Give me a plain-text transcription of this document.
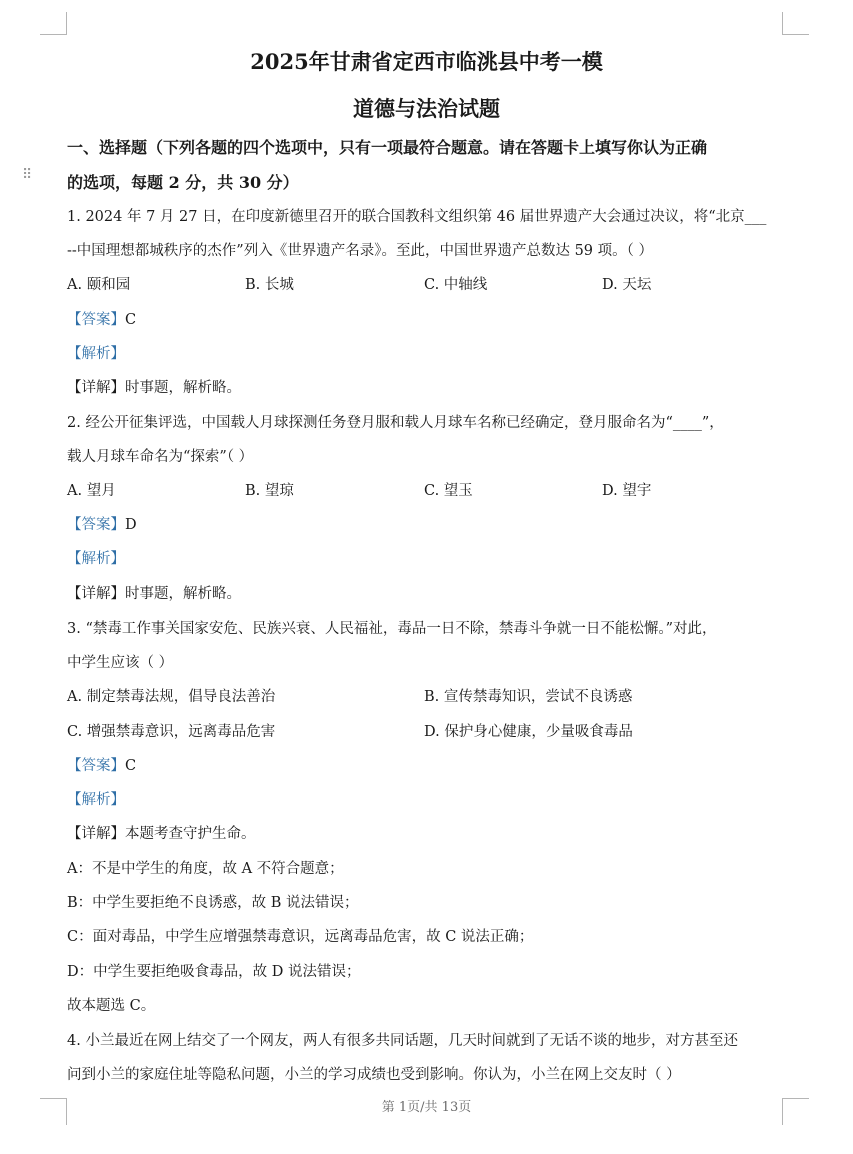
⠿
2025年甘肃省定西市临洮县中考一模
道德与法治试题
一、选择题（下列各题的四个选项中，只有一项最符合题意。请在答题卡上填写你认为正确
的选项，每题 2 分，共 30 分）
1. 2024 年 7 月 27 日，在印度新德里召开的联合国教科文组织第 46 届世界遗产大会通过决议，将“北京___
--中国理想都城秩序的杰作”列入《世界遗产名录》。至此，中国世界遗产总数达 59 项。（ ）
A. 颐和园	B. 长城	C. 中轴线	D. 天坛
【答案】C
【解析】
【详解】时事题，解析略。
2. 经公开征集评选，中国载人月球探测任务登月服和载人月球车名称已经确定，登月服命名为“____”，
载人月球车命名为“探索”（ ）
A. 望月	B. 望琼	C. 望玉	D. 望宇
【答案】D
【解析】
【详解】时事题，解析略。
3. “禁毒工作事关国家安危、民族兴衰、人民福祉，毒品一日不除，禁毒斗争就一日不能松懈。”对此，
中学生应该（ ）
A. 制定禁毒法规，倡导良法善治	B. 宣传禁毒知识，尝试不良诱惑
C. 增强禁毒意识，远离毒品危害	D. 保护身心健康，少量吸食毒品
【答案】C
【解析】
【详解】本题考查守护生命。
A：不是中学生的角度，故 A 不符合题意；
B：中学生要拒绝不良诱惑，故 B 说法错误；
C：面对毒品，中学生应增强禁毒意识，远离毒品危害，故 C 说法正确；
D：中学生要拒绝吸食毒品，故 D 说法错误；
故本题选 C。
4. 小兰最近在网上结交了一个网友，两人有很多共同话题，几天时间就到了无话不谈的地步，对方甚至还
问到小兰的家庭住址等隐私问题，小兰的学习成绩也受到影响。你认为，小兰在网上交友时（ ）
第 1页/共 13页
